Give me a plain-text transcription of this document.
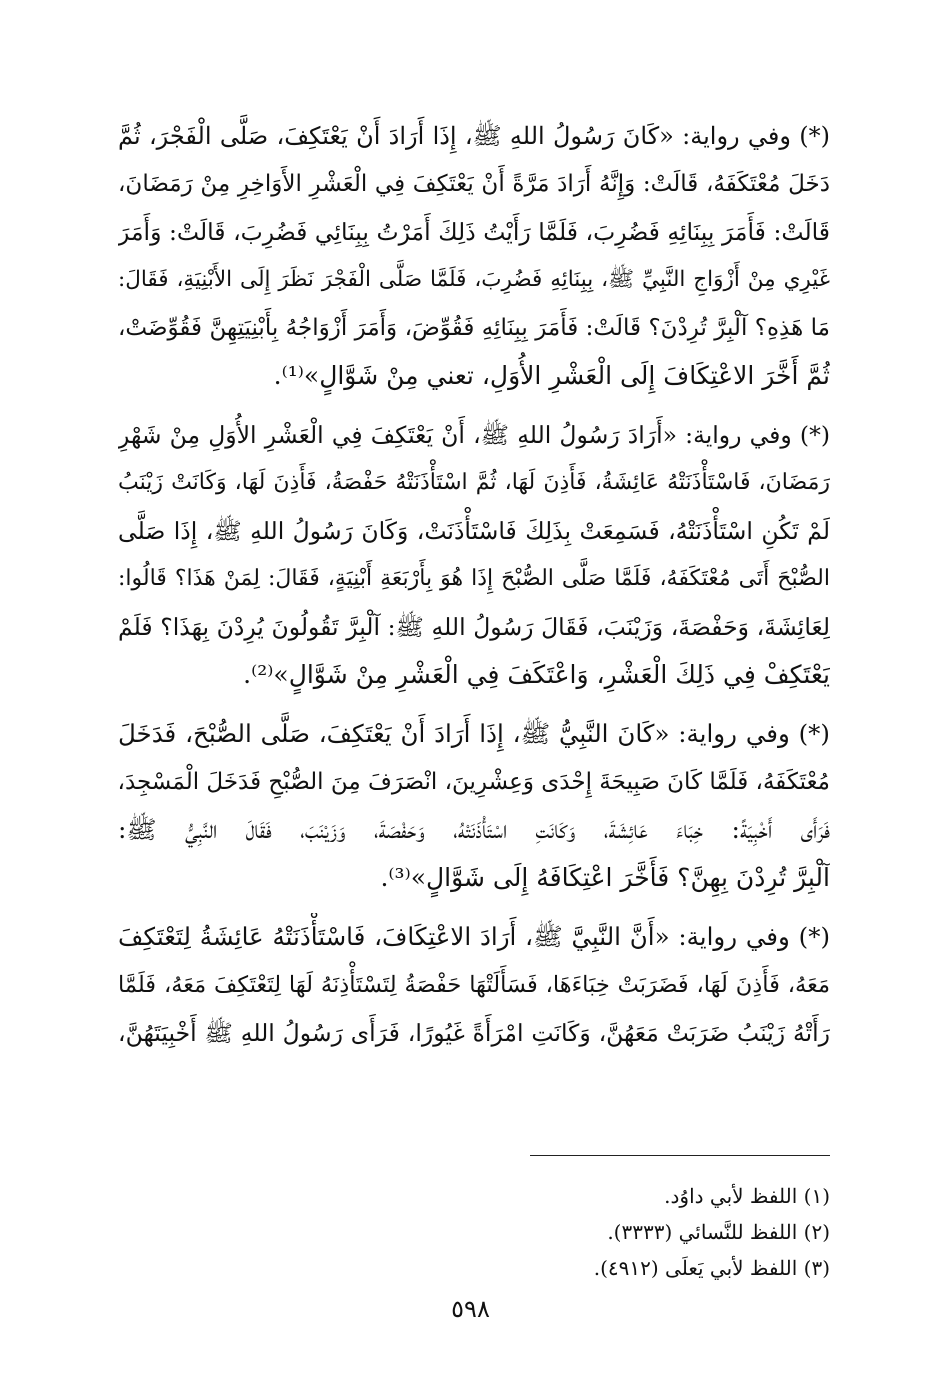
(*) وفي رواية: «كَانَ رَسُولُ اللهِ ﷺ، إِذَا أَرَادَ أَنْ يَعْتَكِفَ، صَلَّى الْفَجْرَ، ثُمَّ
دَخَلَ مُعْتَكَفَهُ، قَالَتْ: وَإِنَّهُ أَرَادَ مَرَّةً أَنْ يَعْتَكِفَ فِي الْعَشْرِ الأَوَاخِرِ مِنْ رَمَضَانَ،
قَالَتْ: فَأَمَرَ بِبِنَائِهِ فَضُرِبَ، فَلَمَّا رَأَيْتُ ذَلِكَ أَمَرْتُ بِبِنَائِي فَضُرِبَ، قَالَتْ: وَأَمَرَ
غَيْرِي مِنْ أَزْوَاجِ النَّبِيِّ ﷺ، بِبِنَائِهِ فَضُرِبَ، فَلَمَّا صَلَّى الْفَجْرَ نَظَرَ إِلَى الأَبْنِيَةِ، فَقَالَ:
مَا هَذِهِ؟ آلْبِرَّ تُرِدْنَ؟ قَالَتْ: فَأَمَرَ بِبِنَائِهِ فَقُوِّضَ، وَأَمَرَ أَزْوَاجُهُ بِأَبْنِيَتِهِنَّ فَقُوِّضَتْ،
ثُمَّ أَخَّرَ الاعْتِكَافَ إِلَى الْعَشْرِ الأُوَلِ، تعني مِنْ شَوَّالٍ»⁽¹⁾.
(*) وفي رواية: «أَرَادَ رَسُولُ اللهِ ﷺ، أَنْ يَعْتَكِفَ فِي الْعَشْرِ الأُوَلِ مِنْ شَهْرِ
رَمَضَانَ، فَاسْتَأْذَنَتْهُ عَائِشَةُ، فَأَذِنَ لَهَا، ثُمَّ اسْتَأْذَنَتْهُ حَفْصَةُ، فَأَذِنَ لَهَا، وَكَانَتْ زَيْنَبُ
لَمْ تَكُنِ اسْتَأْذَنَتْهُ، فَسَمِعَتْ بِذَلِكَ فَاسْتَأْذَنَتْ، وَكَانَ رَسُولُ اللهِ ﷺ، إِذَا صَلَّى
الصُّبْحَ أَتَى مُعْتَكَفَهُ، فَلَمَّا صَلَّى الصُّبْحَ إِذَا هُوَ بِأَرْبَعَةِ أَبْنِيَةٍ، فَقَالَ: لِمَنْ هَذَا؟ قَالُوا:
لِعَائِشَةَ، وَحَفْصَةَ، وَزَيْنَبَ، فَقَالَ رَسُولُ اللهِ ﷺ: آلْبِرَّ تَقُولُونَ يُرِدْنَ بِهَذَا؟ فَلَمْ
يَعْتَكِفْ فِي ذَلِكَ الْعَشْرِ، وَاعْتَكَفَ فِي الْعَشْرِ مِنْ شَوَّالٍ»⁽²⁾.
(*) وفي رواية: «كَانَ النَّبِيُّ ﷺ، إِذَا أَرَادَ أَنْ يَعْتَكِفَ، صَلَّى الصُّبْحَ، فَدَخَلَ
مُعْتَكَفَهُ، فَلَمَّا كَانَ صَبِيحَةَ إِحْدَى وَعِشْرِينَ، انْصَرَفَ مِنَ الصُّبْحِ فَدَخَلَ الْمَسْجِدَ،
فَرَأَى أَخْبِيَةً: خِبَاءَ عَائِشَةَ، وَكَانَتِ اسْتَأْذَنَتْهُ، وَحَفْصَةَ، وَزَيْنَبَ، فَقَالَ النَّبِيُّ ﷺ:
آلْبِرَّ تُرِدْنَ بِهِنَّ؟ فَأَخَّرَ اعْتِكَافَهُ إِلَى شَوَّالٍ»⁽³⁾.
(*) وفي رواية: «أَنَّ النَّبِيَّ ﷺ، أَرَادَ الاعْتِكَافَ، فَاسْتَأْذَنَتْهُ عَائِشَةُ لِتَعْتَكِفَ
مَعَهُ، فَأَذِنَ لَهَا، فَضَرَبَتْ خِبَاءَهَا، فَسَأَلَتْهَا حَفْصَةُ لِتَسْتَأْذِنَهُ لَهَا لِتَعْتَكِفَ مَعَهُ، فَلَمَّا
رَأَتْهُ زَيْنَبُ ضَرَبَتْ مَعَهُنَّ، وَكَانَتِ امْرَأَةً غَيُورًا، فَرَأَى رَسُولُ اللهِ ﷺ أَخْبِيَتَهُنَّ،
(١) اللفظ لأبي داوُد.
(٢) اللفظ للنَّسائي (٣٣٣٣).
(٣) اللفظ لأبي يَعلَى (٤٩١٢).
٥٩٨
